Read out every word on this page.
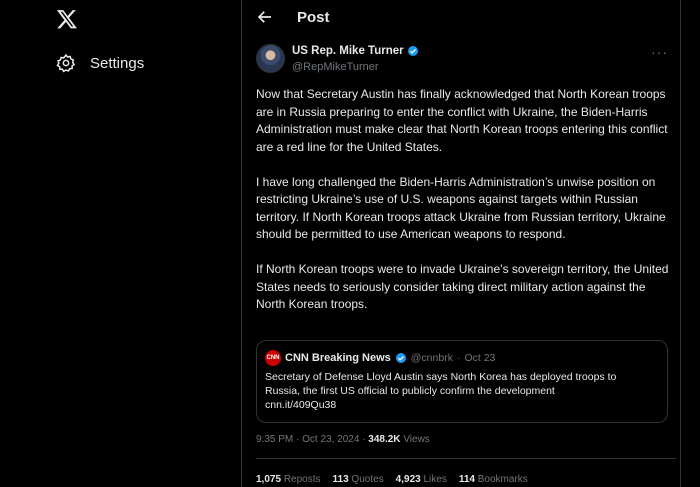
Settings
Post
US Rep. Mike Turner
@RepMikeTurner
···

Now that Secretary Austin has finally acknowledged that North Korean troops are in Russia preparing to enter the conflict with Ukraine, the Biden-Harris Administration must make clear that North Korean troops entering this conflict are a red line for the United States.

I have long challenged the Biden-Harris Administration’s unwise position on restricting Ukraine’s use of U.S. weapons against targets within Russian territory. If North Korean troops attack Ukraine from Russian territory, Ukraine should be permitted to use American weapons to respond.

If North Korean troops were to invade Ukraine’s sovereign territory, the United States needs to seriously consider taking direct military action against the North Korean troops.

CNN CNN Breaking News @cnnbrk · Oct 23
Secretary of Defense Lloyd Austin says North Korea has deployed troops to
Russia, the first US official to publicly confirm the development
cnn.it/409Qu38
9:35 PM · Oct 23, 2024 · 348.2K Views
1,075 Reposts 113 Quotes 4,923 Likes 114 Bookmarks
